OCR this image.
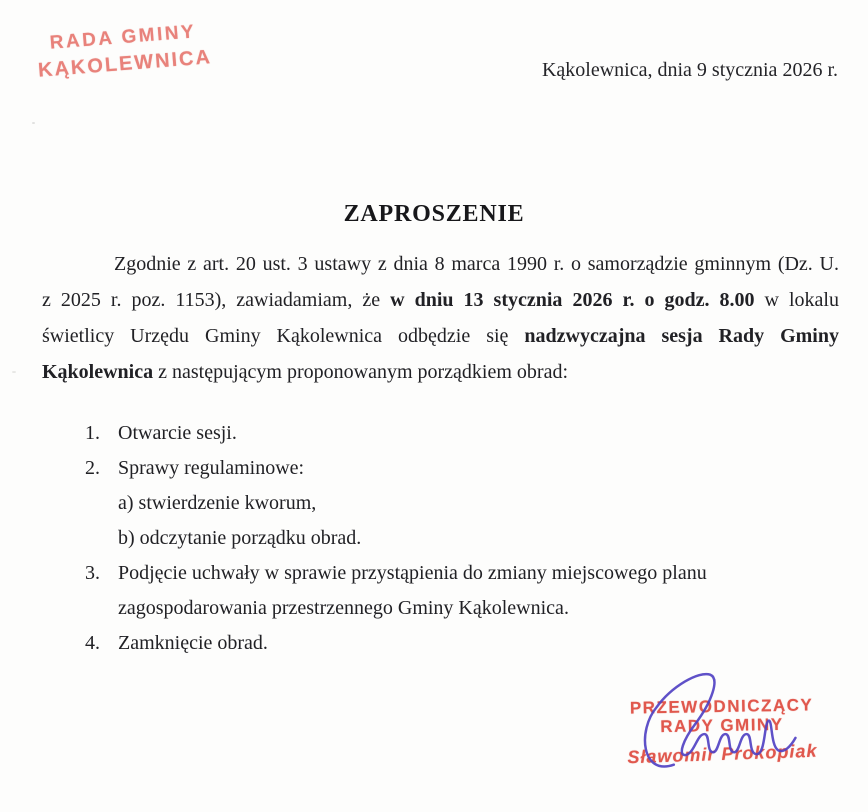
RADA GMINY
KĄKOLEWNICA	Kąkolewnica, dnia 9 stycznia 2026 r.
ZAPROSZENIE
Zgodnie z art. 20 ust. 3 ustawy z dnia 8 marca 1990 r. o samorządzie gminnym (Dz. U.
z 2025 r. poz. 1153), zawiadamiam, że w dniu 13 stycznia 2026 r. o godz. 8.00 w lokalu
świetlicy Urzędu Gminy Kąkolewnica odbędzie się nadzwyczajna sesja Rady Gminy
Kąkolewnica z następującym proponowanym porządkiem obrad:
1. Otwarcie sesji.
2. Sprawy regulaminowe:
a) stwierdzenie kworum,
b) odczytanie porządku obrad.
3. Podjęcie uchwały w sprawie przystąpienia do zmiany miejscowego planu
zagospodarowania przestrzennego Gminy Kąkolewnica.
4. Zamknięcie obrad.
PRZEWODNICZĄCY
RADY GMINY
Sławomir Prokopiak
